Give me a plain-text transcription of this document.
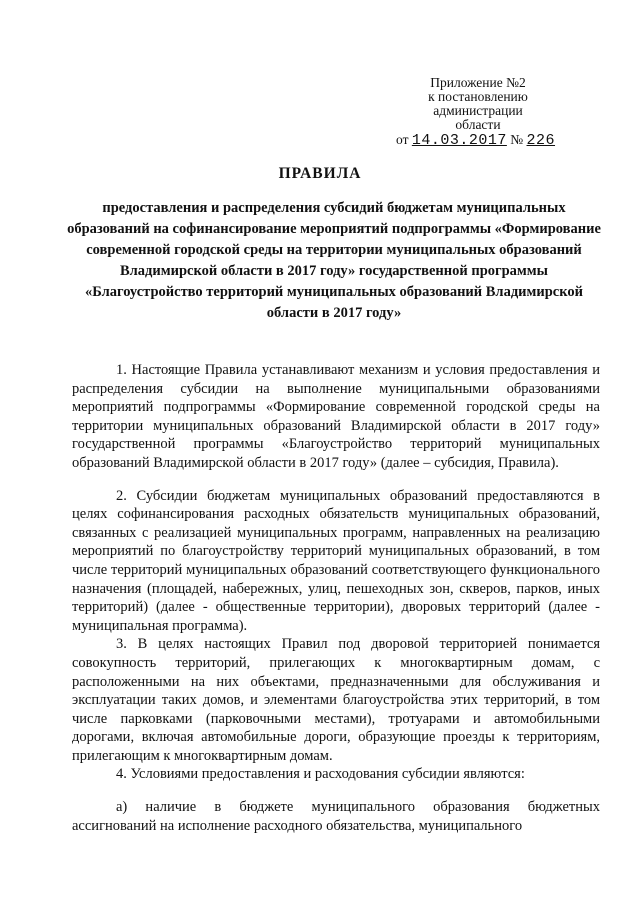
Приложение №2
к постановлению
администрации
области
от 14.03.2017 № 226
ПРАВИЛА
предоставления и распределения субсидий бюджетам муниципальных образований на софинансирование мероприятий подпрограммы «Формирование современной городской среды на территории муниципальных образований Владимирской области в 2017 году» государственной программы «Благоустройство территорий муниципальных образований Владимирской области в 2017 году»

1. Настоящие Правила устанавливают механизм и условия предоставления и распределения субсидии на выполнение муниципальными образованиями мероприятий подпрограммы «Формирование современной городской среды на территории муниципальных образований Владимирской области в 2017 году» государственной программы «Благоустройство территорий муниципальных образований Владимирской области в 2017 году» (далее – субсидия, Правила).

2. Субсидии бюджетам муниципальных образований предоставляются в целях софинансирования расходных обязательств муниципальных образований, связанных с реализацией муниципальных программ, направленных на реализацию мероприятий по благоустройству территорий муниципальных образований, в том числе территорий муниципальных образований соответствующего функционального назначения (площадей, набережных, улиц, пешеходных зон, скверов, парков, иных территорий) (далее - общественные территории), дворовых территорий (далее - муниципальная программа).

3. В целях настоящих Правил под дворовой территорией понимается совокупность территорий, прилегающих к многоквартирным домам, с расположенными на них объектами, предназначенными для обслуживания и эксплуатации таких домов, и элементами благоустройства этих территорий, в том числе парковками (парковочными местами), тротуарами и автомобильными дорогами, включая автомобильные дороги, образующие проезды к территориям, прилегающим к многоквартирным домам.

4. Условиями предоставления и расходования субсидии являются:

а) наличие в бюджете муниципального образования бюджетных ассигнований на исполнение расходного обязательства, муниципального
